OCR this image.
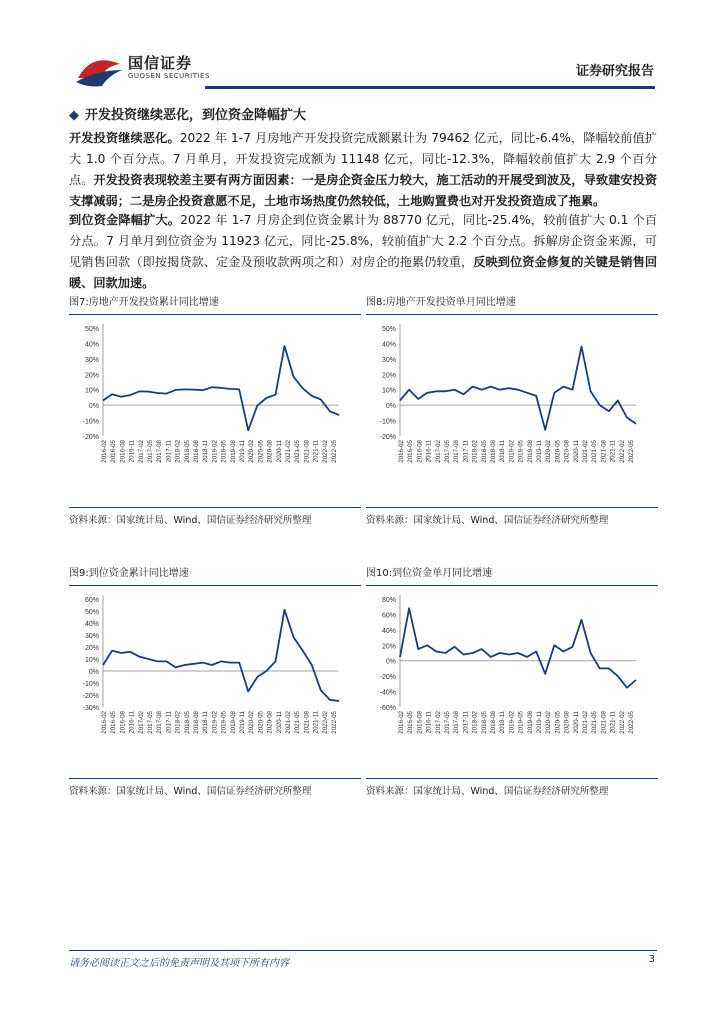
国信证券
GUOSEN SECURITIES	证券研究报告
◆ 开发投资继续恶化，到位资金降幅扩大
开发投资继续恶化。2022 年 1-7 月房地产开发投资完成额累计为 79462 亿元，同比-6.4%，降幅较前值扩大 1.0 个百分点。7 月单月，开发投资完成额为 11148 亿元，同比-12.3%，降幅较前值扩大 2.9 个百分点。开发投资表现较差主要有两方面因素：一是房企资金压力较大，施工活动的开展受到波及，导致建安投资支撑减弱；二是房企投资意愿不足，土地市场热度仍然较低，土地购置费也对开发投资造成了拖累。
到位资金降幅扩大。2022 年 1-7 月房企到位资金累计为 88770 亿元，同比-25.4%，较前值扩大 0.1 个百分点。7 月单月到位资金为 11923 亿元，同比-25.8%，较前值扩大 2.2 个百分点。拆解房企资金来源，可见销售回款（即按揭贷款、定金及预收款两项之和）对房企的拖累仍较重，反映到位资金修复的关键是销售回暖、回款加速。
图7:房地产开发投资累计同比增速
50%
40%
30%
20%
10%
0%
-10%
-20%
2016-02 2016-05 2016-08 2016-11 2017-02 2017-05 2017-08 2017-11 2018-02 2018-05 2018-08 2018-11 2019-02 2019-05 2019-08 2019-11 2020-02 2020-05 2020-08 2020-11 2021-02 2021-05 2021-08 2021-11 2022-02 2022-05
资料来源：国家统计局、Wind、国信证券经济研究所整理
图8:房地产开发投资单月同比增速
50%
40%
30%
20%
10%
0%
-10%
-20%
2016-02 2016-05 2016-08 2016-11 2017-02 2017-05 2017-08 2017-11 2018-02 2018-05 2018-08 2018-11 2019-02 2019-05 2019-08 2019-11 2020-02 2020-05 2020-08 2020-11 2021-02 2021-05 2021-08 2021-11 2022-02 2022-05
资料来源：国家统计局、Wind、国信证券经济研究所整理
图9:到位资金累计同比增速
60%
50%
40%
30%
20%
10%
0%
-10%
-20%
-30%
2016-02 2016-05 2016-08 2016-11 2017-02 2017-05 2017-08 2017-11 2018-02 2018-05 2018-08 2018-11 2019-02 2019-05 2019-08 2019-11 2020-02 2020-05 2020-08 2020-11 2021-02 2021-05 2021-08 2021-11 2022-02 2022-05
资料来源：国家统计局、Wind、国信证券经济研究所整理
图10:到位资金单月同比增速
80%
60%
40%
20%
0%
-20%
-40%
-60%
2016-02 2016-05 2016-08 2016-11 2017-02 2017-05 2017-08 2017-11 2018-02 2018-05 2018-08 2018-11 2019-02 2019-05 2019-08 2019-11 2020-02 2020-05 2020-08 2020-11 2021-02 2021-05 2021-08 2021-11 2022-02 2022-05
资料来源：国家统计局、Wind、国信证券经济研究所整理
请务必阅读正文之后的免责声明及其项下所有内容	3
